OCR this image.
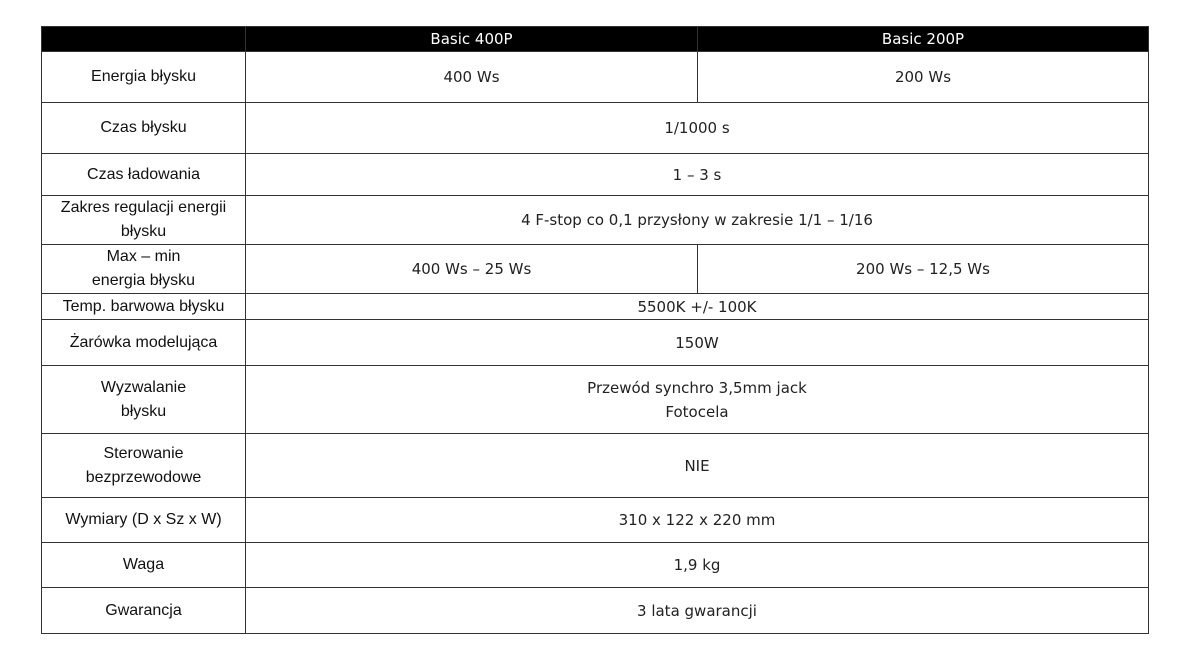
	Basic 400P	Basic 200P

Energia błysku	400 Ws	200 Ws

Czas błysku	1/1000 s	

Czas ładowania	1 – 3 s	

Zakres regulacji energii
błysku	4 F-stop co 0,1 przysłony w zakresie 1/1 – 1/16	

Max – min
energia błysku	400 Ws – 25 Ws	200 Ws – 12,5 Ws

Temp. barwowa błysku	5500K +/- 100K	

Żarówka modelująca	150W	

Wyzwalanie
błysku	Przewód synchro 3,5mm jack
Fotocela	

Sterowanie
bezprzewodowe	NIE	

Wymiary (D x Sz x W)	310 x 122 x 220 mm	

Waga	1,9 kg	

Gwarancja	3 lata gwarancji	
